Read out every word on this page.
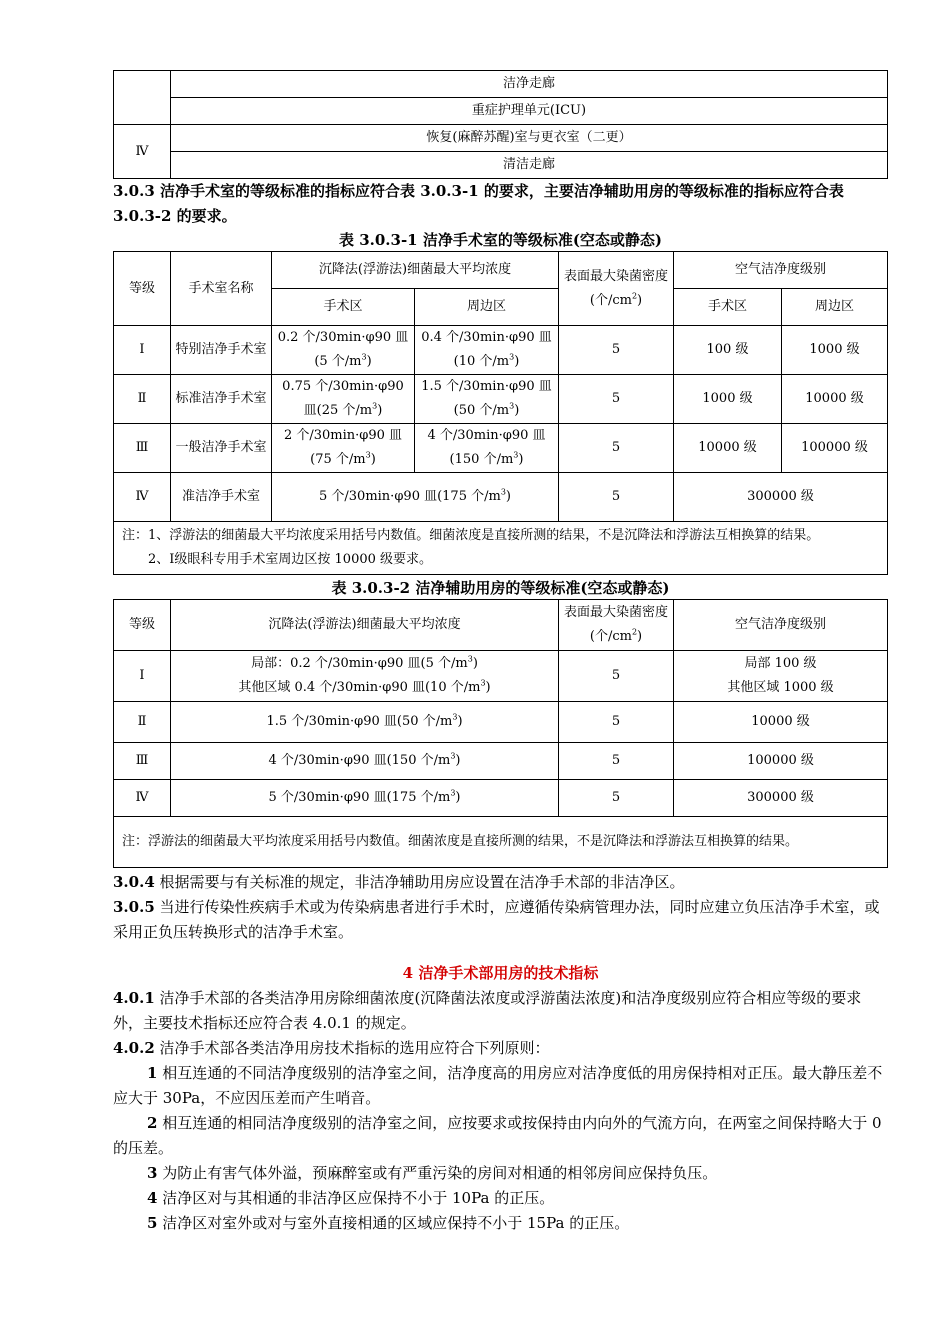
	洁净走廊
	重症护理单元(ICU)
Ⅳ	恢复(麻醉苏醒)室与更衣室（二更）
	清洁走廊

3.0.3 洁净手术室的等级标准的指标应符合表 3.0.3-1 的要求，主要洁净辅助用房的等级标准的指标应符合表 3.0.3-2 的要求。

表 3.0.3-1 洁净手术室的等级标准(空态或静态)

等级	手术室名称	沉降法(浮游法)细菌最大平均浓度		表面最大染菌密度(个$/cm^2$)	空气洁净度级别	
		手术区	周边区		手术区	周边区
Ⅰ	特别洁净手术室	0.2 个/30min·φ90 皿
(5 个$/m^3$)	0.4 个/30min·φ90 皿
(10 个$/m^3$)	5	100 级	1000 级
Ⅱ	标准洁净手术室	0.75 个/30min·φ90
皿(25 个$/m^3$)	1.5 个/30min·φ90 皿
(50 个$/m^3$)	5	1000 级	10000 级
Ⅲ	一般洁净手术室	2 个/30min·φ90 皿
(75 个$/m^3$)	4 个/30min·φ90 皿
(150 个$/m^3$)	5	10000 级	100000 级
Ⅳ	准洁净手术室	5 个/30min·φ90 皿(175 个$/m^3$)		5	300000 级	

注：1、浮游法的细菌最大平均浓度采用括号内数值。细菌浓度是直接所测的结果，不是沉降法和浮游法互相换算的结果。
2、Ⅰ级眼科专用手术室周边区按 10000 级要求。						

表 3.0.3-2 洁净辅助用房的等级标准(空态或静态)

等级	沉降法(浮游法)细菌最大平均浓度	表面最大染菌密度(个$/cm^2$)	空气洁净度级别
Ⅰ	局部：0.2 个/30min·φ90 皿(5 个$/m^3$)
其他区域 0.4 个/30min·φ90 皿(10 个$/m^3$)	5	局部 100 级
其他区域 1000 级
Ⅱ	1.5 个/30min·φ90 皿(50 个$/m^3$)	5	10000 级
Ⅲ	4 个/30min·φ90 皿(150 个$/m^3$)	5	100000 级
Ⅳ	5 个/30min·φ90 皿(175 个$/m^3$)	5	300000 级
注：浮游法的细菌最大平均浓度采用括号内数值。细菌浓度是直接所测的结果，不是沉降法和浮游法互相换算的结果。			

3.0.4 根据需要与有关标准的规定，非洁净辅助用房应设置在洁净手术部的非洁净区。

3.0.5 当进行传染性疾病手术或为传染病患者进行手术时，应遵循传染病管理办法，同时应建立负压洁净手术室，或采用正负压转换形式的洁净手术室。

4 洁净手术部用房的技术指标

4.0.1 洁净手术部的各类洁净用房除细菌浓度(沉降菌法浓度或浮游菌法浓度)和洁净度级别应符合相应等级的要求外，主要技术指标还应符合表 4.0.1 的规定。

4.0.2 洁净手术部各类洁净用房技术指标的选用应符合下列原则：

1 相互连通的不同洁净度级别的洁净室之间，洁净度高的用房应对洁净度低的用房保持相对正压。最大静压差不应大于 30Pa，不应因压差而产生哨音。

2 相互连通的相同洁净度级别的洁净室之间，应按要求或按保持由内向外的气流方向，在两室之间保持略大于 0 的压差。

3 为防止有害气体外溢，预麻醉室或有严重污染的房间对相通的相邻房间应保持负压。

4 洁净区对与其相通的非洁净区应保持不小于 10Pa 的正压。

5 洁净区对室外或对与室外直接相通的区域应保持不小于 15Pa 的正压。
